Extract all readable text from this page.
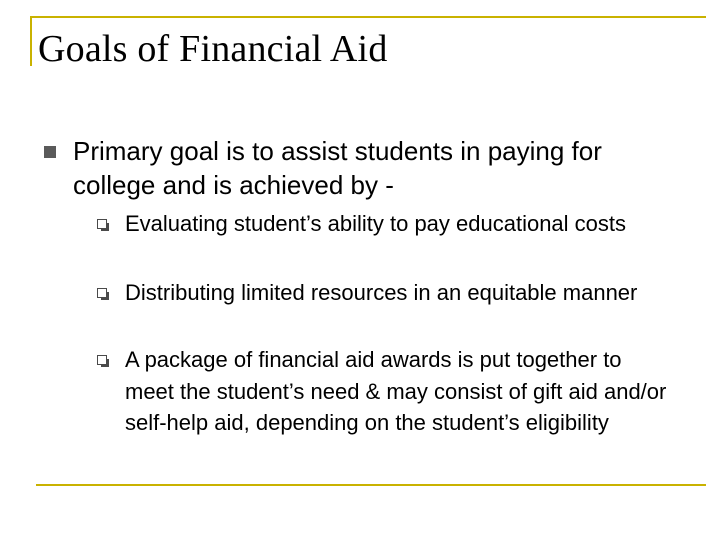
Goals of Financial Aid

Primary goal is to assist students in paying for college and is achieved by -

Evaluating student’s ability to pay educational costs

Distributing limited resources in an equitable manner

A package of financial aid awards is put together to meet the student’s need & may consist of gift aid and/or self-help aid, depending on the student’s eligibility
